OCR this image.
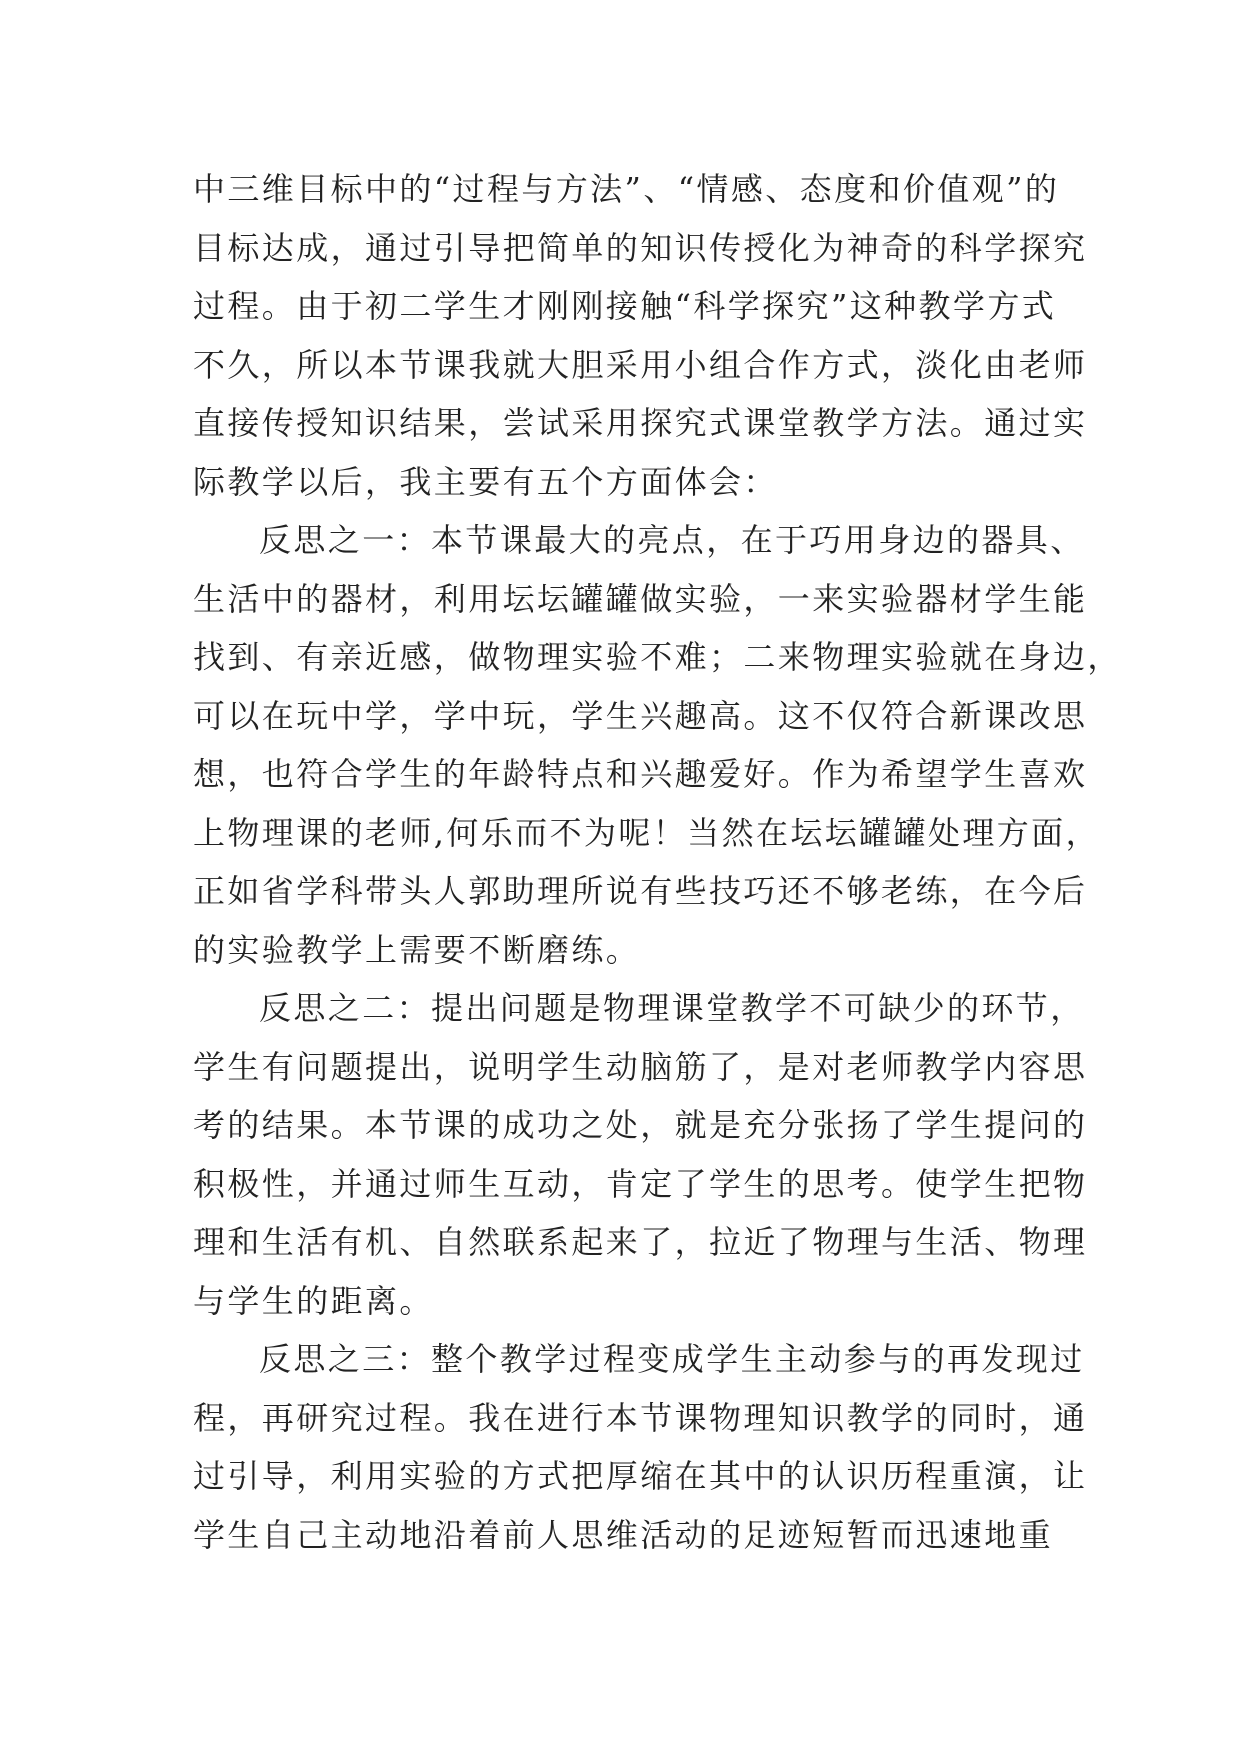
中三维目标中的“过程与方法”、“情感、态度和价值观”的
目标达成，通过引导把简单的知识传授化为神奇的科学探究
过程。由于初二学生才刚刚接触“科学探究”这种教学方式
不久，所以本节课我就大胆采用小组合作方式，淡化由老师
直接传授知识结果，尝试采用探究式课堂教学方法。通过实
际教学以后，我主要有五个方面体会：
反思之一：本节课最大的亮点，在于巧用身边的器具、
生活中的器材，利用坛坛罐罐做实验，一来实验器材学生能
找到、有亲近感，做物理实验不难；二来物理实验就在身边，
可以在玩中学，学中玩，学生兴趣高。这不仅符合新课改思
想，也符合学生的年龄特点和兴趣爱好。作为希望学生喜欢
上物理课的老师,何乐而不为呢！当然在坛坛罐罐处理方面，
正如省学科带头人郭助理所说有些技巧还不够老练，在今后
的实验教学上需要不断磨练。
反思之二：提出问题是物理课堂教学不可缺少的环节，
学生有问题提出，说明学生动脑筋了，是对老师教学内容思
考的结果。本节课的成功之处，就是充分张扬了学生提问的
积极性，并通过师生互动，肯定了学生的思考。使学生把物
理和生活有机、自然联系起来了，拉近了物理与生活、物理
与学生的距离。
反思之三：整个教学过程变成学生主动参与的再发现过
程，再研究过程。我在进行本节课物理知识教学的同时，通
过引导，利用实验的方式把厚缩在其中的认识历程重演，让
学生自己主动地沿着前人思维活动的足迹短暂而迅速地重
